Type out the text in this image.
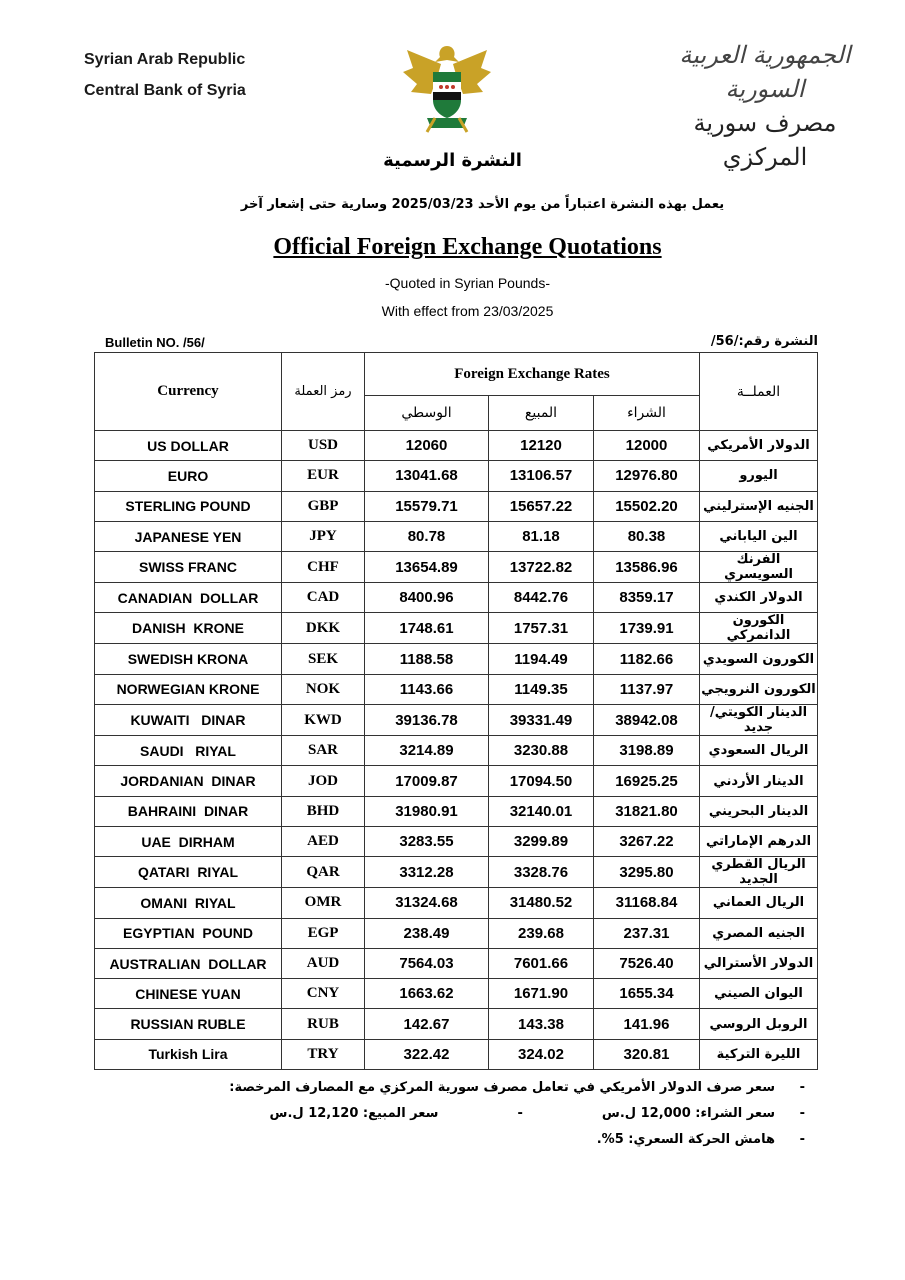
Syrian Arab Republic
Central Bank of Syria
الجمهورية العربية السورية
مصرف سورية المركزي
النشرة الرسمية
يعمل بهذه النشرة اعتباراً من يوم الأحد 2025/03/23 وسارية حتى إشعار آخر
Official Foreign Exchange Quotations
-Quoted in Syrian Pounds-
With effect from 23/03/2025
Bulletin NO. /56/	النشرة رقم:/56/
Currency	رمز العملة	Foreign Exchange Rates			العملــة
		الوسطي	المبيع	الشراء	
US DOLLAR	USD	12060	12120	12000	الدولار الأمريكي
EURO	EUR	13041.68	13106.57	12976.80	اليورو
STERLING POUND	GBP	15579.71	15657.22	15502.20	الجنيه الإسترليني
JAPANESE YEN	JPY	80.78	81.18	80.38	الين الياباني
SWISS FRANC	CHF	13654.89	13722.82	13586.96	الفرنك السويسري
CANADIAN  DOLLAR	CAD	8400.96	8442.76	8359.17	الدولار الكندي
DANISH  KRONE	DKK	1748.61	1757.31	1739.91	الكورون الدانمركي
SWEDISH KRONA	SEK	1188.58	1194.49	1182.66	الكورون السويدي
NORWEGIAN KRONE	NOK	1143.66	1149.35	1137.97	الكورون النرويجي
KUWAITI   DINAR	KWD	39136.78	39331.49	38942.08	الدينار الكويتي/ جديد
SAUDI   RIYAL	SAR	3214.89	3230.88	3198.89	الريال السعودي
JORDANIAN  DINAR	JOD	17009.87	17094.50	16925.25	الدينار الأردني
BAHRAINI  DINAR	BHD	31980.91	32140.01	31821.80	الدينار البحريني
UAE  DIRHAM	AED	3283.55	3299.89	3267.22	الدرهم الإماراتي
QATARI  RIYAL	QAR	3312.28	3328.76	3295.80	الريال القطري الجديد
OMANI  RIYAL	OMR	31324.68	31480.52	31168.84	الريال العماني
EGYPTIAN  POUND	EGP	238.49	239.68	237.31	الجنيه المصري
AUSTRALIAN  DOLLAR	AUD	7564.03	7601.66	7526.40	الدولار الأسترالي
CHINESE YUAN	CNY	1663.62	1671.90	1655.34	اليوان الصيني
RUSSIAN RUBLE	RUB	142.67	143.38	141.96	الروبل الروسي
Turkish Lira	TRY	322.42	324.02	320.81	الليرة التركية
-
سعر صرف الدولار الأمريكي في تعامل مصرف سورية المركزي مع المصارف المرخصة:
-
سعر الشراء: 12,000 ل.س  -  سعر المبيع: 12,120 ل.س
-
هامش الحركة السعري: 5%.
